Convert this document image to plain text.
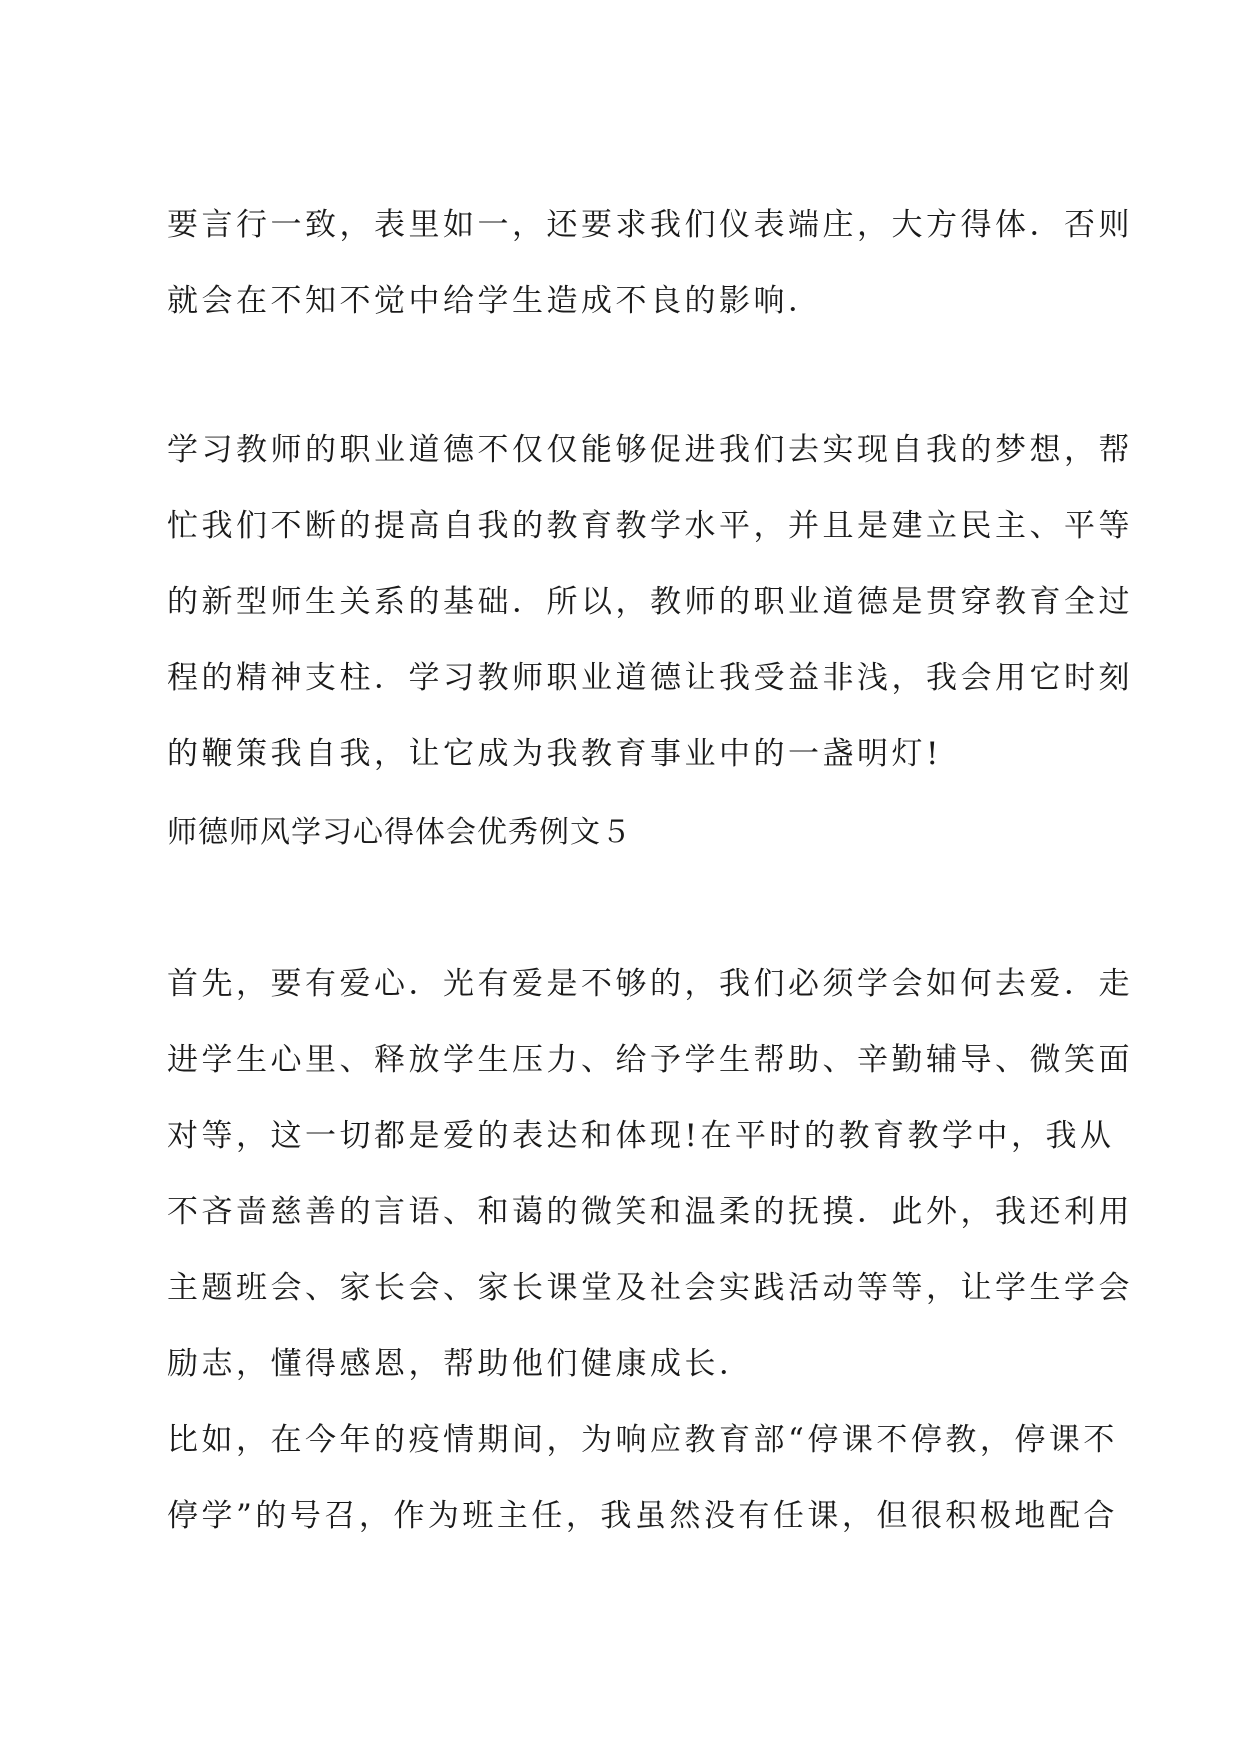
要言行一致，表里如一，还要求我们仪表端庄，大方得体．否则
就会在不知不觉中给学生造成不良的影响．

学习教师的职业道德不仅仅能够促进我们去实现自我的梦想，帮
忙我们不断的提高自我的教育教学水平，并且是建立民主、平等
的新型师生关系的基础．所以，教师的职业道德是贯穿教育全过
程的精神支柱．学习教师职业道德让我受益非浅，我会用它时刻
的鞭策我自我，让它成为我教育事业中的一盏明灯!

师德师风学习心得体会优秀例文５

首先，要有爱心．光有爱是不够的，我们必须学会如何去爱．走
进学生心里、释放学生压力、给予学生帮助、辛勤辅导、微笑面
对等，这一切都是爱的表达和体现!在平时的教育教学中，我从
不吝啬慈善的言语、和蔼的微笑和温柔的抚摸．此外，我还利用
主题班会、家长会、家长课堂及社会实践活动等等，让学生学会
励志，懂得感恩，帮助他们健康成长．

比如，在今年的疫情期间，为响应教育部“停课不停教，停课不
停学”的号召，作为班主任，我虽然没有任课，但很积极地配合
